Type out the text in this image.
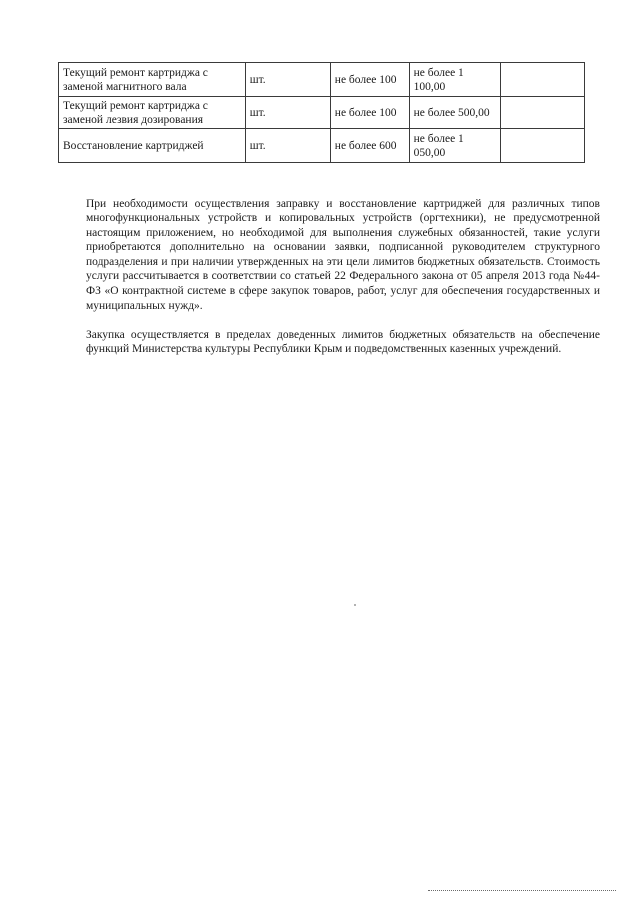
Текущий ремонт картриджа с заменой магнитного вала	шт.	не более 100	не более 1 100,00	
Текущий ремонт картриджа с заменой лезвия дозирования	шт.	не более 100	не более 500,00	
Восстановление картриджей	шт.	не более 600	не более 1 050,00	

При необходимости осуществления заправку и восстановление картриджей для различных типов многофункциональных устройств и копировальных устройств (оргтехники), не предусмотренной настоящим приложением, но необходимой для выполнения служебных обязанностей, такие услуги приобретаются дополнительно на основании заявки, подписанной руководителем структурного подразделения и при наличии утвержденных на эти цели лимитов бюджетных обязательств. Стоимость услуги рассчитывается в соответствии со статьей 22 Федерального закона от 05 апреля 2013 года №44-ФЗ «О контрактной системе в сфере закупок товаров, работ, услуг для обеспечения государственных и муниципальных нужд».

Закупка осуществляется в пределах доведенных лимитов бюджетных обязательств на обеспечение функций Министерства культуры Республики Крым и подведомственных казенных учреждений.
